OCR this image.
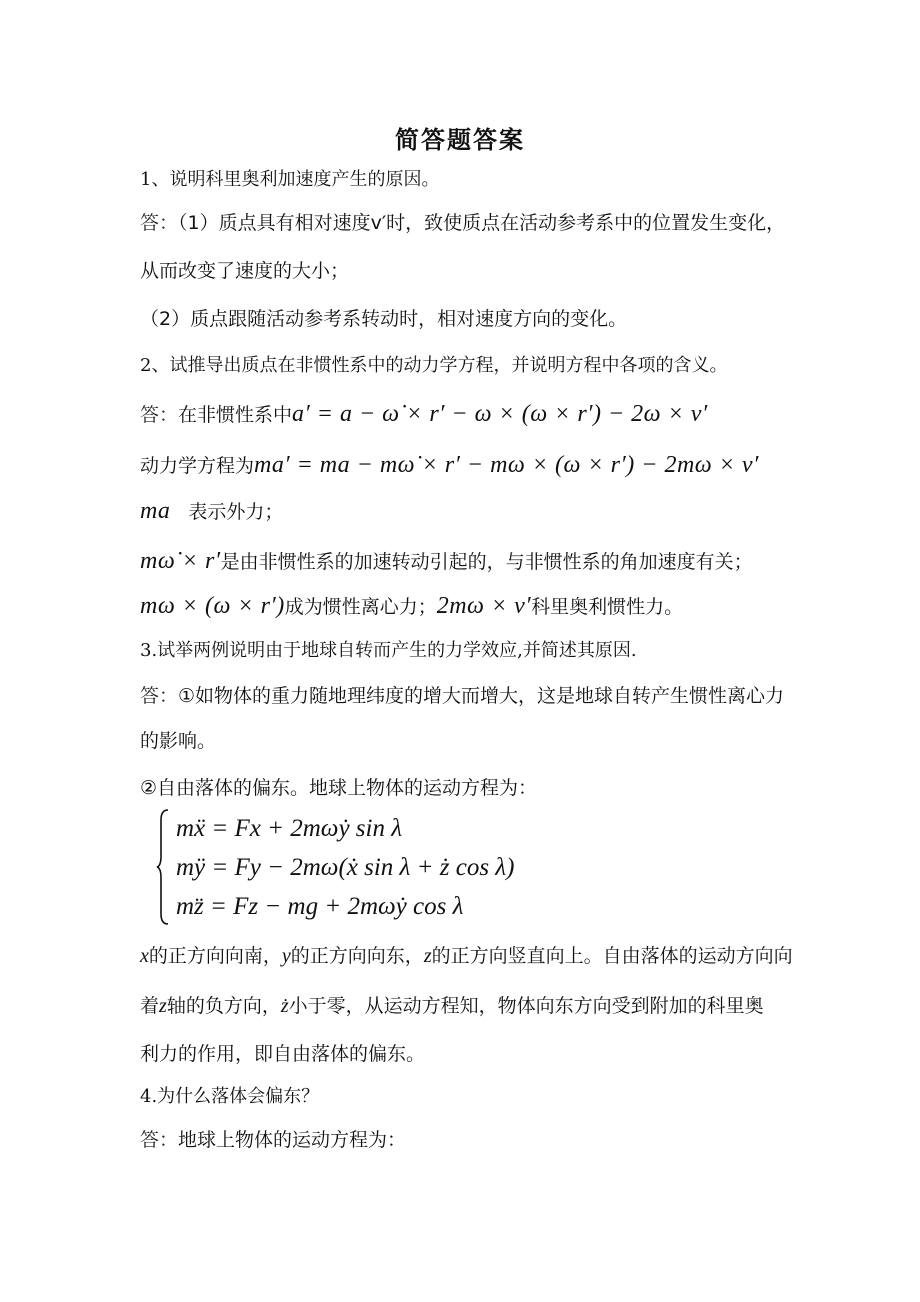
简答题答案
1、说明科里奥利加速度产生的原因。
答：（1）质点具有相对速度v′时，致使质点在活动参考系中的位置发生变化，
从而改变了速度的大小；
（2）质点跟随活动参考系转动时，相对速度方向的变化。
2、试推导出质点在非惯性系中的动力学方程，并说明方程中各项的含义。
答：在非惯性系中a′ = a − ω̇ × r′ − ω × (ω × r′) − 2ω × v′
动力学方程为ma′ = ma − mω̇ × r′ − mω × (ω × r′) − 2mω × v′
ma 表示外力；
mω̇ × r′是由非惯性系的加速转动引起的，与非惯性系的角加速度有关；
mω × (ω × r′)成为惯性离心力；2mω × v′科里奥利惯性力。
3.试举两例说明由于地球自转而产生的力学效应,并简述其原因.
答：①如物体的重力随地理纬度的增大而增大，这是地球自转产生惯性离心力
的影响。
②自由落体的偏东。地球上物体的运动方程为：
mẍ = Fx + 2mωẏ sin λ
mÿ = Fy − 2mω(ẋ sin λ + ż cos λ)
mz̈ = Fz − mg + 2mωẏ cos λ
x的正方向向南，y的正方向向东，z的正方向竖直向上。自由落体的运动方向向
着z轴的负方向，ż小于零，从运动方程知，物体向东方向受到附加的科里奥
利力的作用，即自由落体的偏东。
4.为什么落体会偏东？
答：地球上物体的运动方程为：
